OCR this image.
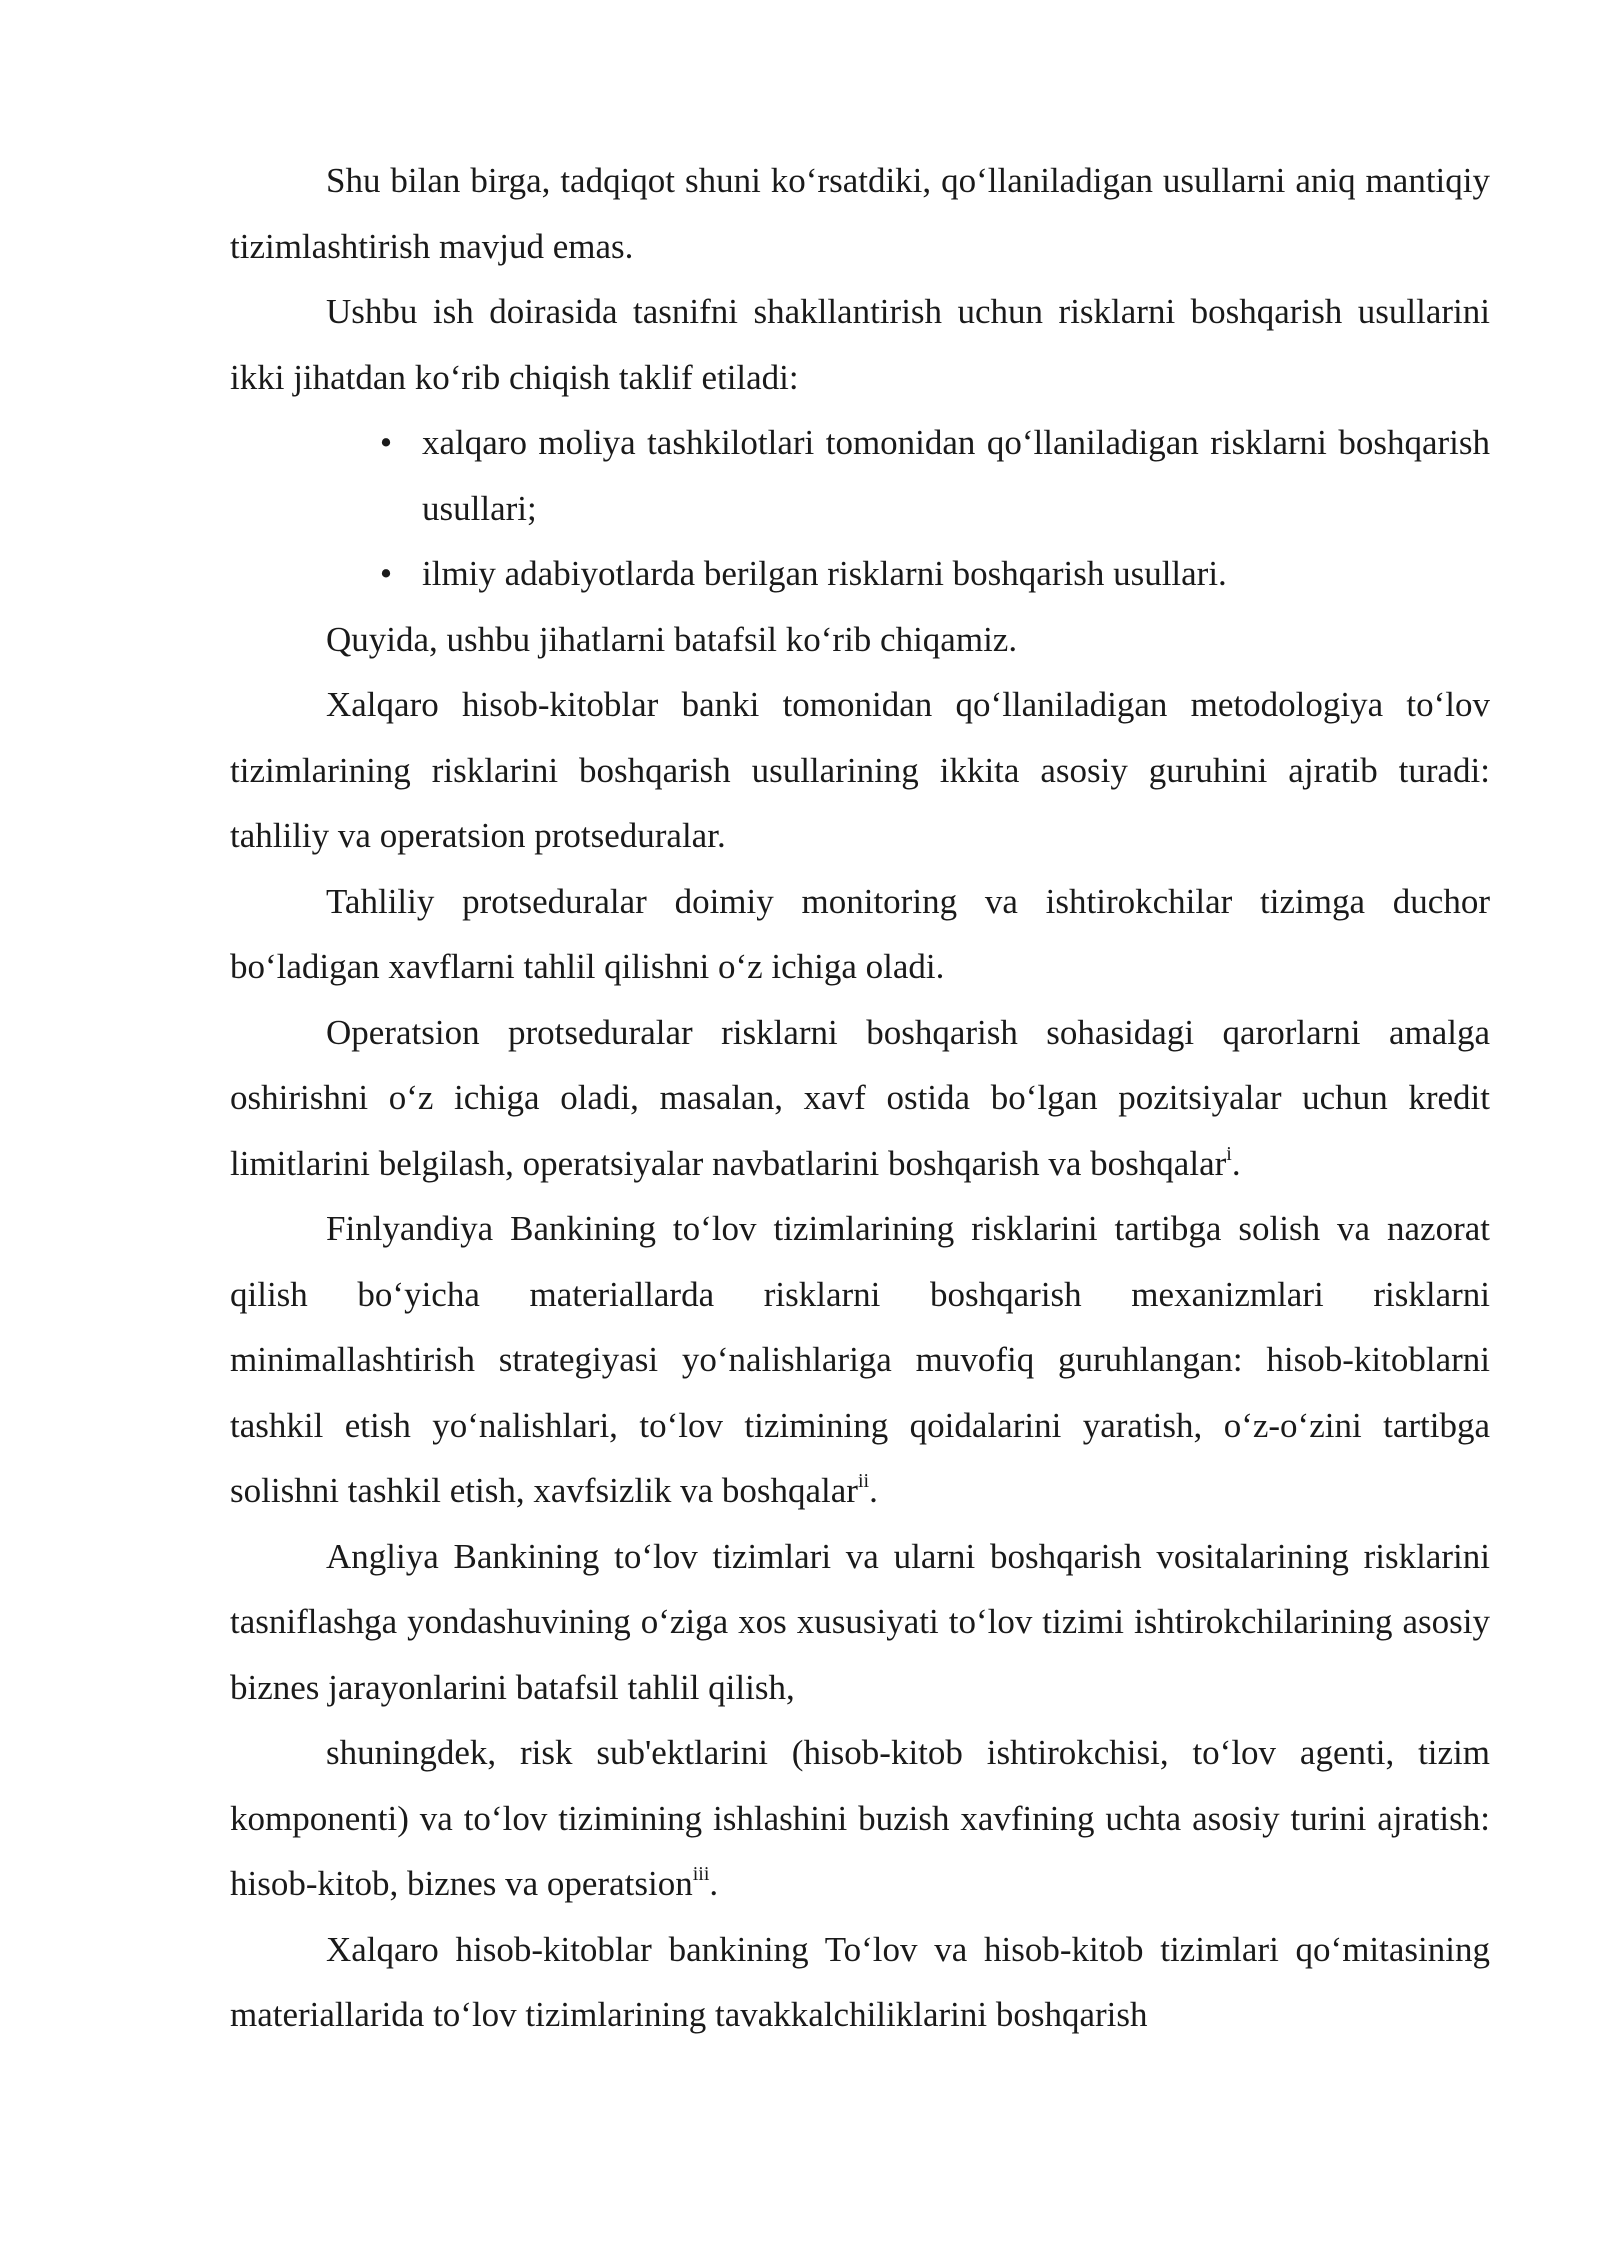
Shu bilan birga, tadqiqot shuni koʻrsatdiki, qoʻllaniladigan usullarni aniq mantiqiy tizimlashtirish mavjud emas.

Ushbu ish doirasida tasnifni shakllantirish uchun risklarni boshqarish usullarini ikki jihatdan koʻrib chiqish taklif etiladi:

• xalqaro moliya tashkilotlari tomonidan qoʻllaniladigan risklarni boshqarish usullari;
• ilmiy adabiyotlarda berilgan risklarni boshqarish usullari.

Quyida, ushbu jihatlarni batafsil koʻrib chiqamiz.

Xalqaro hisob-kitoblar banki tomonidan qoʻllaniladigan metodologiya toʻlov tizimlarining risklarini boshqarish usullarining ikkita asosiy guruhini ajratib turadi: tahliliy va operatsion protseduralar.

Tahliliy protseduralar doimiy monitoring va ishtirokchilar tizimga duchor boʻladigan xavflarni tahlil qilishni oʻz ichiga oladi.

Operatsion protseduralar risklarni boshqarish sohasidagi qarorlarni amalga oshirishni oʻz ichiga oladi, masalan, xavf ostida boʻlgan pozitsiyalar uchun kredit limitlarini belgilash, operatsiyalar navbatlarini boshqarish va boshqalar$^i$.

Finlyandiya Bankining toʻlov tizimlarining risklarini tartibga solish va nazorat qilish boʻyicha materiallarda risklarni boshqarish mexanizmlari risklarni minimallashtirish strategiyasi yoʻnalishlariga muvofiq guruhlangan: hisob-kitoblarni tashkil etish yoʻnalishlari, toʻlov tizimining qoidalarini yaratish, oʻz-oʻzini tartibga solishni tashkil etish, xavfsizlik va boshqalar$^{ii}$.

Angliya Bankining toʻlov tizimlari va ularni boshqarish vositalarining risklarini tasniflashga yondashuvining oʻziga xos xususiyati toʻlov tizimi ishtirokchilarining asosiy biznes jarayonlarini batafsil tahlil qilish,

shuningdek, risk sub'ektlarini (hisob-kitob ishtirokchisi, toʻlov agenti, tizim komponenti) va toʻlov tizimining ishlashini buzish xavfining uchta asosiy turini ajratish: hisob-kitob, biznes va operatsion$^{iii}$.

Xalqaro hisob-kitoblar bankining Toʻlov va hisob-kitob tizimlari qoʻmitasining materiallarida toʻlov tizimlarining tavakkalchiliklarini boshqarish
